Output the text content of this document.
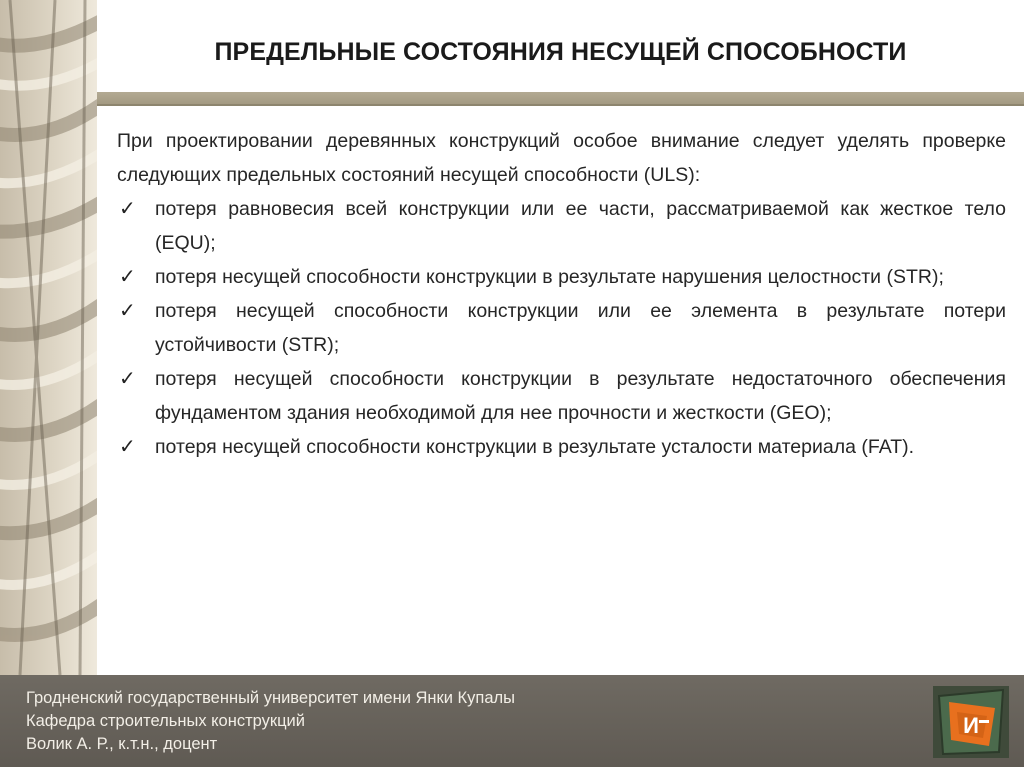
ПРЕДЕЛЬНЫЕ СОСТОЯНИЯ НЕСУЩЕЙ СПОСОБНОСТИ

При проектировании деревянных конструкций особое внимание следует уделять проверке следующих предельных состояний несущей способности (ULS):

✓ потеря равновесия всей конструкции или ее части, рассматриваемой как жесткое тело (EQU);
✓ потеря несущей способности конструкции в результате нарушения целостности (STR);
✓ потеря несущей способности конструкции или ее элемента в результате потери устойчивости (STR);
✓ потеря несущей способности конструкции в результате недостаточного обеспечения фундаментом здания необходимой для нее прочности и жесткости (GEO);
✓ потеря несущей способности конструкции в результате усталости материала (FAT).
Гродненский государственный университет имени Янки Купалы
Кафедра строительных конструкций
Волик А. Р., к.т.н., доцент
И
